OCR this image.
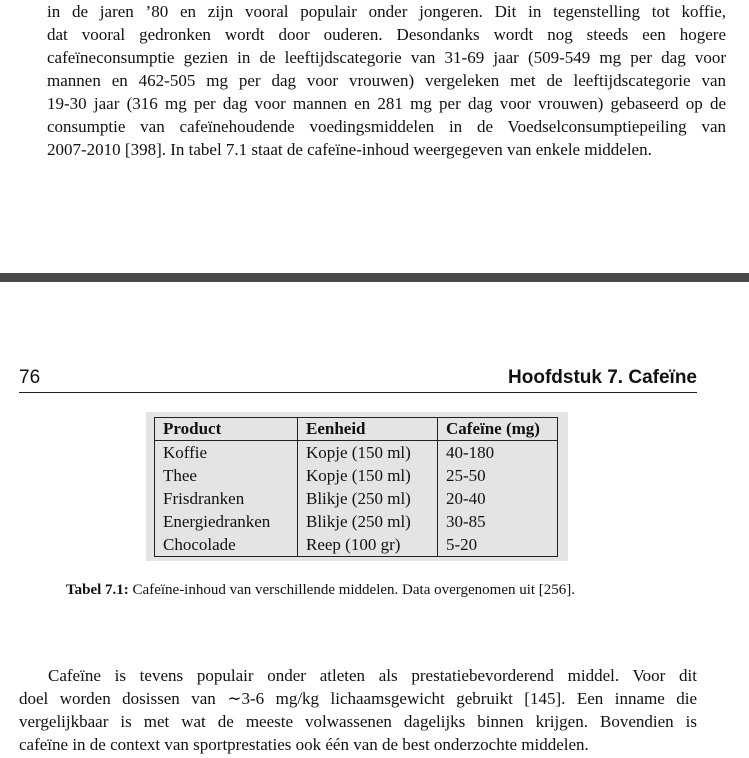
in de jaren ’80 en zijn vooral populair onder jongeren. Dit in tegenstelling tot koffie,
dat vooral gedronken wordt door ouderen. Desondanks wordt nog steeds een hogere
cafeïneconsumptie gezien in de leeftijdscategorie van 31-69 jaar (509-549 mg per dag voor
mannen en 462-505 mg per dag voor vrouwen) vergeleken met de leeftijdscategorie van
19-30 jaar (316 mg per dag voor mannen en 281 mg per dag voor vrouwen) gebaseerd op de
consumptie van cafeïnehoudende voedingsmiddelen in de Voedselconsumptiepeiling van
2007-2010 [398]. In tabel 7.1 staat de cafeïne-inhoud weergegeven van enkele middelen.
76	Hoofdstuk 7. Cafeïne
Product	Eenheid	Cafeïne (mg)
Koffie	Kopje (150 ml)	40-180
Thee	Kopje (150 ml)	25-50
Frisdranken	Blikje (250 ml)	20-40
Energiedranken	Blikje (250 ml)	30-85
Chocolade	Reep (100 gr)	5-20
Tabel 7.1: Cafeïne-inhoud van verschillende middelen. Data overgenomen uit [256].
Cafeïne is tevens populair onder atleten als prestatiebevorderend middel. Voor dit
doel worden dosissen van ∼3-6 mg/kg lichaamsgewicht gebruikt [145]. Een inname die
vergelijkbaar is met wat de meeste volwassenen dagelijks binnen krijgen. Bovendien is
cafeïne in de context van sportprestaties ook één van de best onderzochte middelen.
